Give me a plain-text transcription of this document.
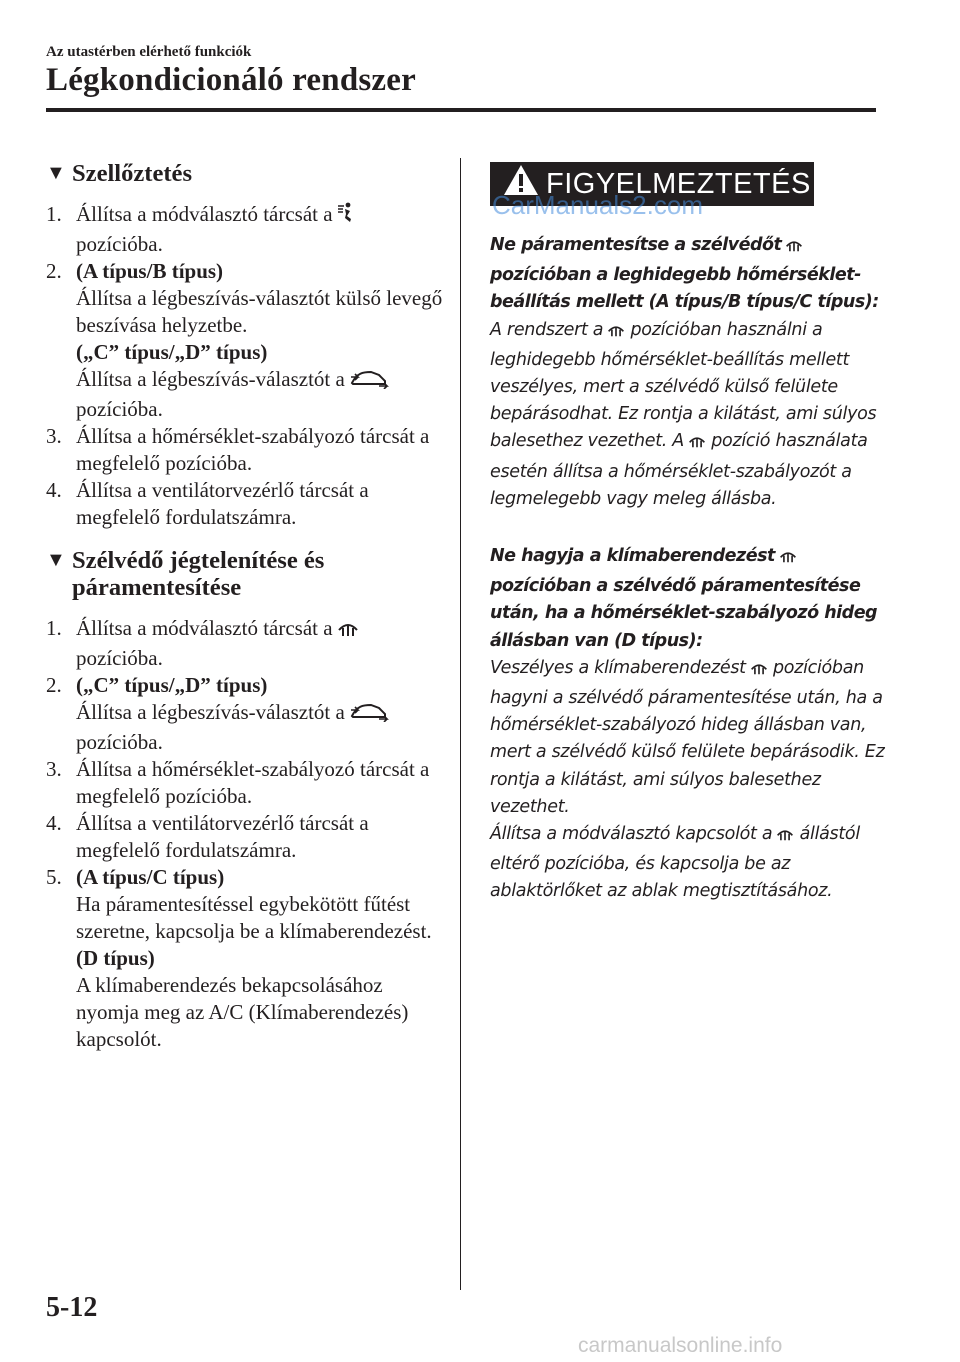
Az utastérben elérhető funkciók
Légkondicionáló rendszer
▼ Szellőztetés
1. Állítsa a módválasztó tárcsát a
pozícióba.
2. (A típus/B típus)
Állítsa a légbeszívás-választót külső levegő beszívása helyzetbe.
(„C” típus/„D” típus)
Állítsa a légbeszívás-választót a
pozícióba.
3. Állítsa a hőmérséklet-szabályozó tárcsát a megfelelő pozícióba.
4. Állítsa a ventilátorvezérlő tárcsát a megfelelő fordulatszámra.
▼ Szélvédő jégtelenítése és
páramentesítése
1. Állítsa a módválasztó tárcsát a
pozícióba.
2. („C” típus/„D” típus)
Állítsa a légbeszívás-választót a
pozícióba.
3. Állítsa a hőmérséklet-szabályozó tárcsát a megfelelő pozícióba.
4. Állítsa a ventilátorvezérlő tárcsát a megfelelő fordulatszámra.
5. (A típus/C típus)
Ha páramentesítéssel egybekötött fűtést szeretne, kapcsolja be a klímaberendezést.
(D típus)
A klímaberendezés bekapcsolásához nyomja meg az A/C (Klímaberendezés) kapcsolót.
FIGYELMEZTETÉS

Ne páramentesítse a szélvédőt
pozícióban a leghidegebb hőmérséklet-beállítás mellett (A típus/B típus/C típus):

A rendszert a pozícióban használni a leghidegebb hőmérséklet-beállítás mellett veszélyes, mert a szélvédő külső felülete bepárásodhat. Ez rontja a kilátást, ami súlyos balesethez vezethet. A pozíció használata esetén állítsa a hőmérséklet-szabályozót a legmelegebb vagy meleg állásba.

Ne hagyja a klímaberendezést
pozícióban a szélvédő páramentesítése után, ha a hőmérséklet-szabályozó hideg állásban van (D típus):

Veszélyes a klímaberendezést pozícióban hagyni a szélvédő páramentesítése után, ha a hőmérséklet-szabályozó hideg állásban van, mert a szélvédő külső felülete bepárásodik. Ez rontja a kilátást, ami súlyos balesethez vezethet.
Állítsa a módválasztó kapcsolót a állástól eltérő pozícióba, és kapcsolja be az ablaktörlőket az ablak megtisztításához.

CarManuals2.com
5-12
carmanualsonline.info
